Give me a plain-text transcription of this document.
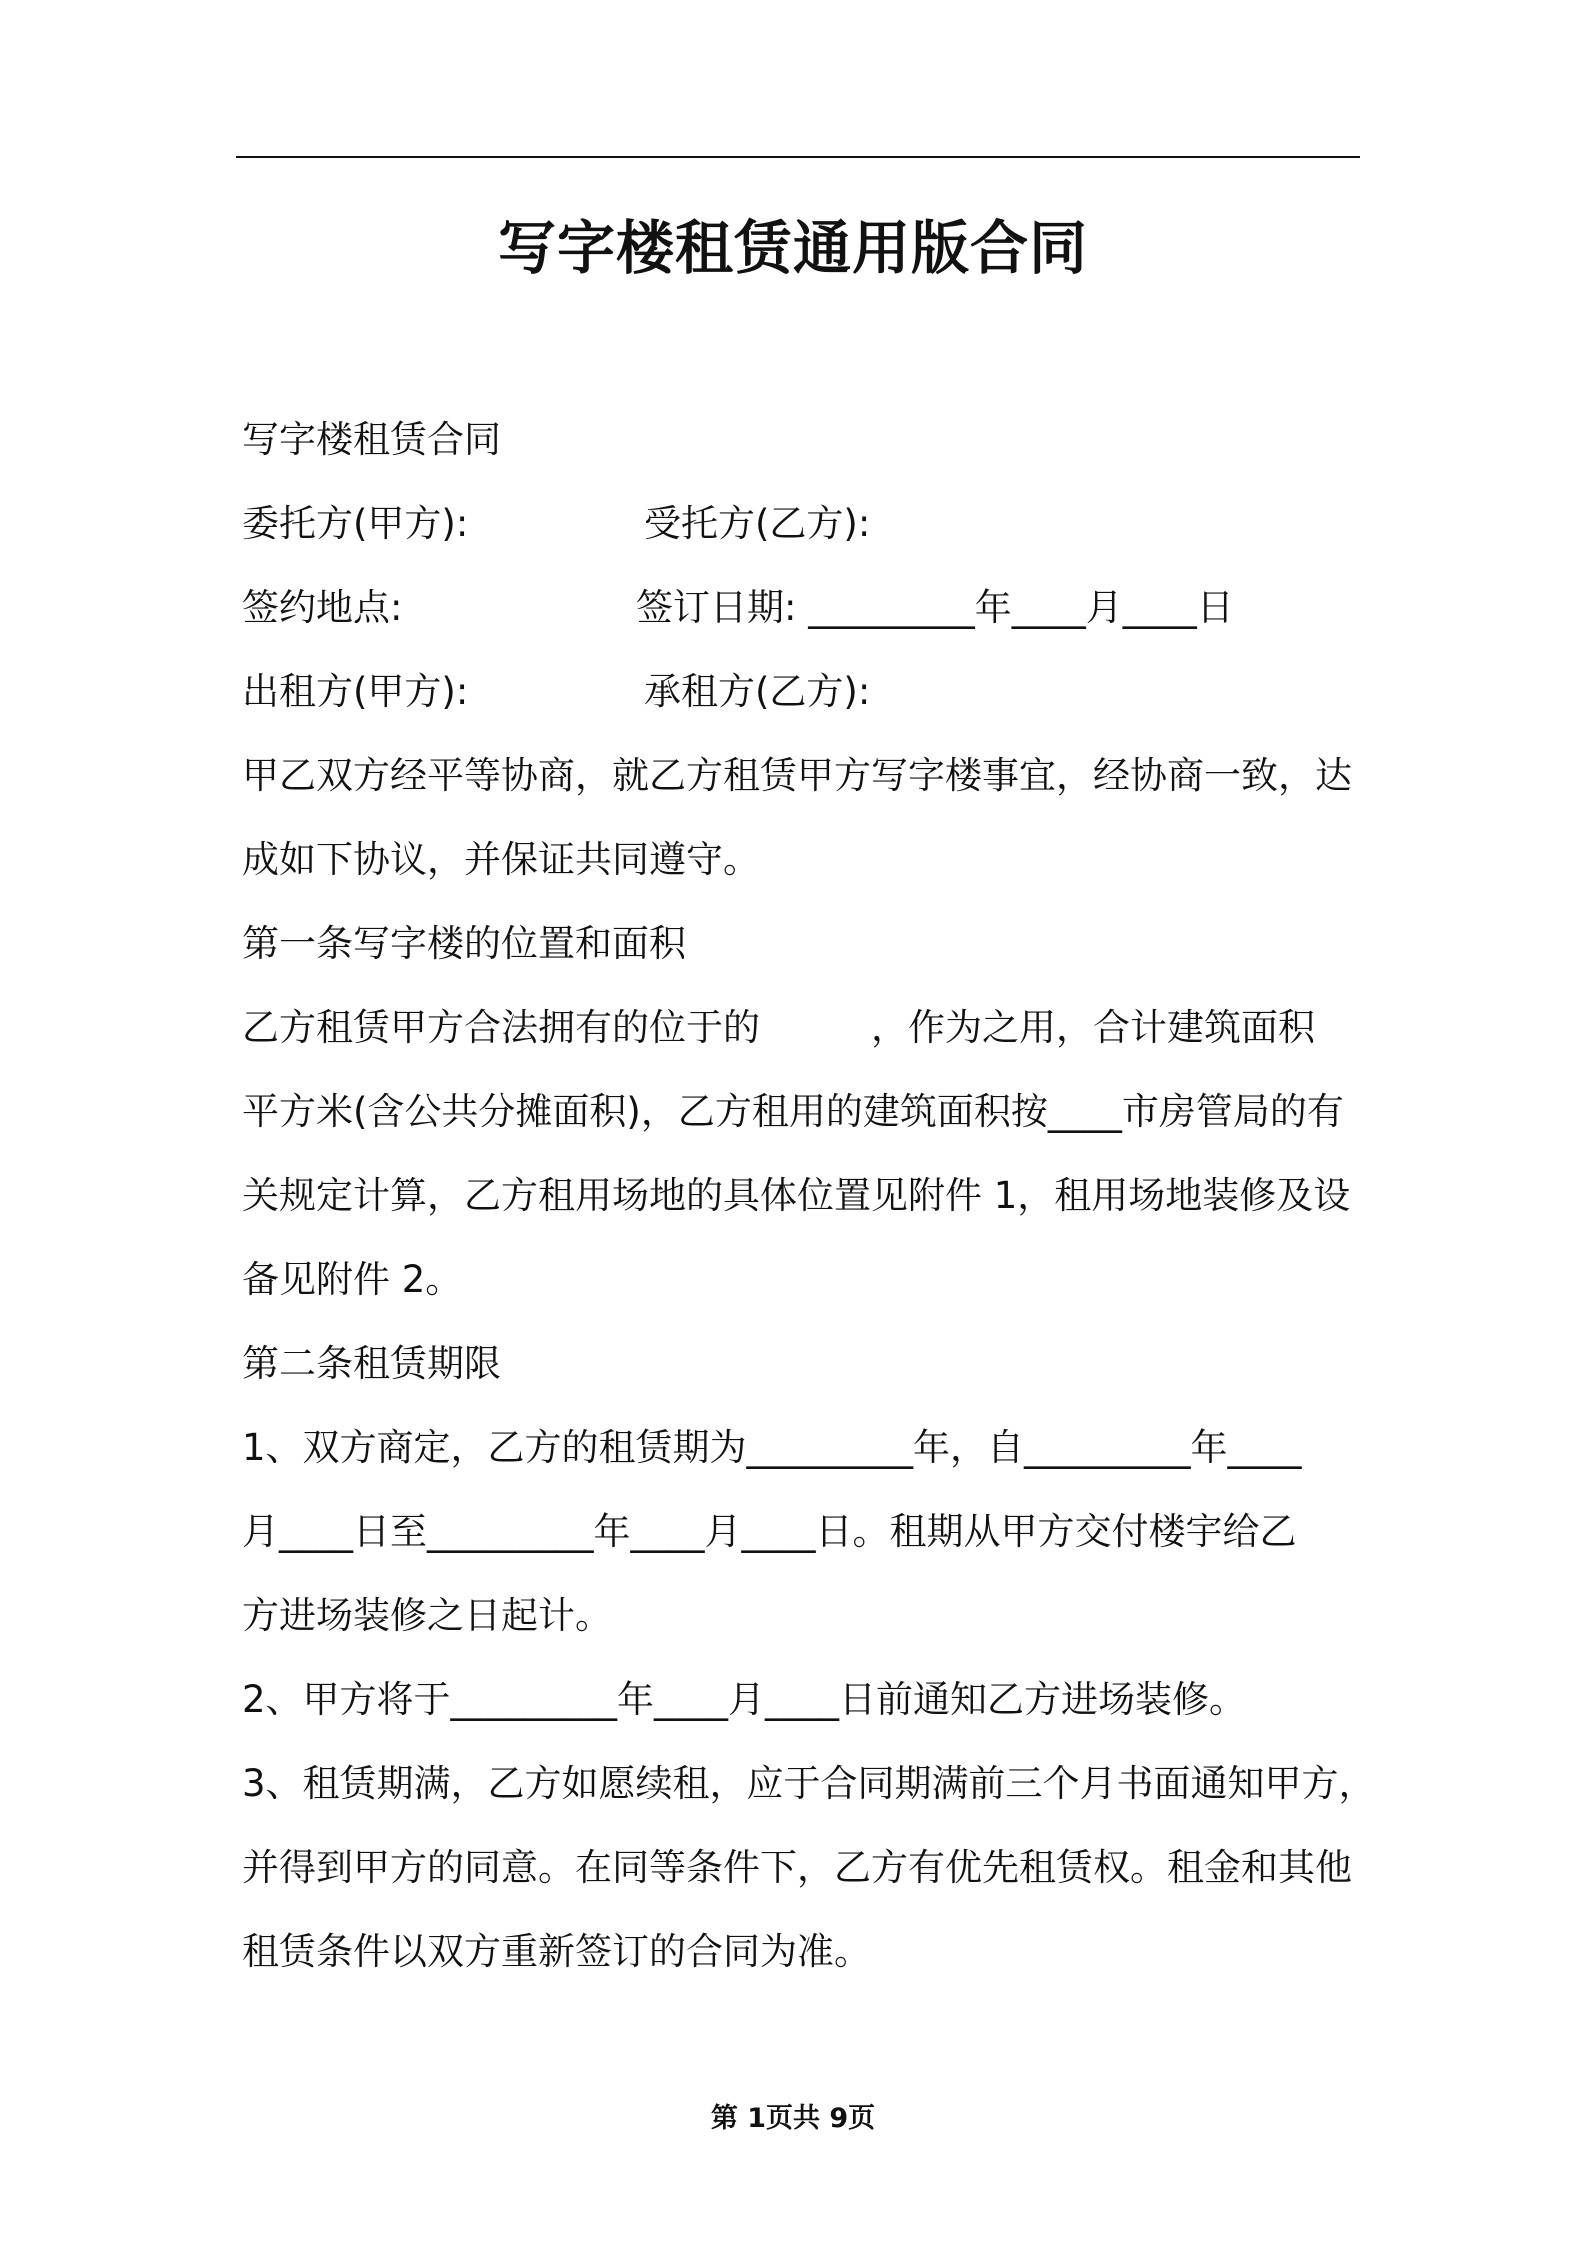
写字楼租赁通用版合同
写字楼租赁合同
委托方(甲方):	受托方(乙方):
签约地点:	签订日期: _________年____月____日
出租方(甲方):	承租方(乙方):
甲乙双方经平等协商，就乙方租赁甲方写字楼事宜，经协商一致，达
成如下协议，并保证共同遵守。
第一条写字楼的位置和面积
乙方租赁甲方合法拥有的位于的　　　，作为之用，合计建筑面积
平方米(含公共分摊面积)，乙方租用的建筑面积按____市房管局的有
关规定计算，乙方租用场地的具体位置见附件 1，租用场地装修及设
备见附件 2。
第二条租赁期限
1、双方商定，乙方的租赁期为_________年，自_________年____
月____日至_________年____月____日。租期从甲方交付楼宇给乙
方进场装修之日起计。
2、甲方将于_________年____月____日前通知乙方进场装修。
3、租赁期满，乙方如愿续租，应于合同期满前三个月书面通知甲方，
并得到甲方的同意。在同等条件下，乙方有优先租赁权。租金和其他
租赁条件以双方重新签订的合同为准。
第 1页共 9页
